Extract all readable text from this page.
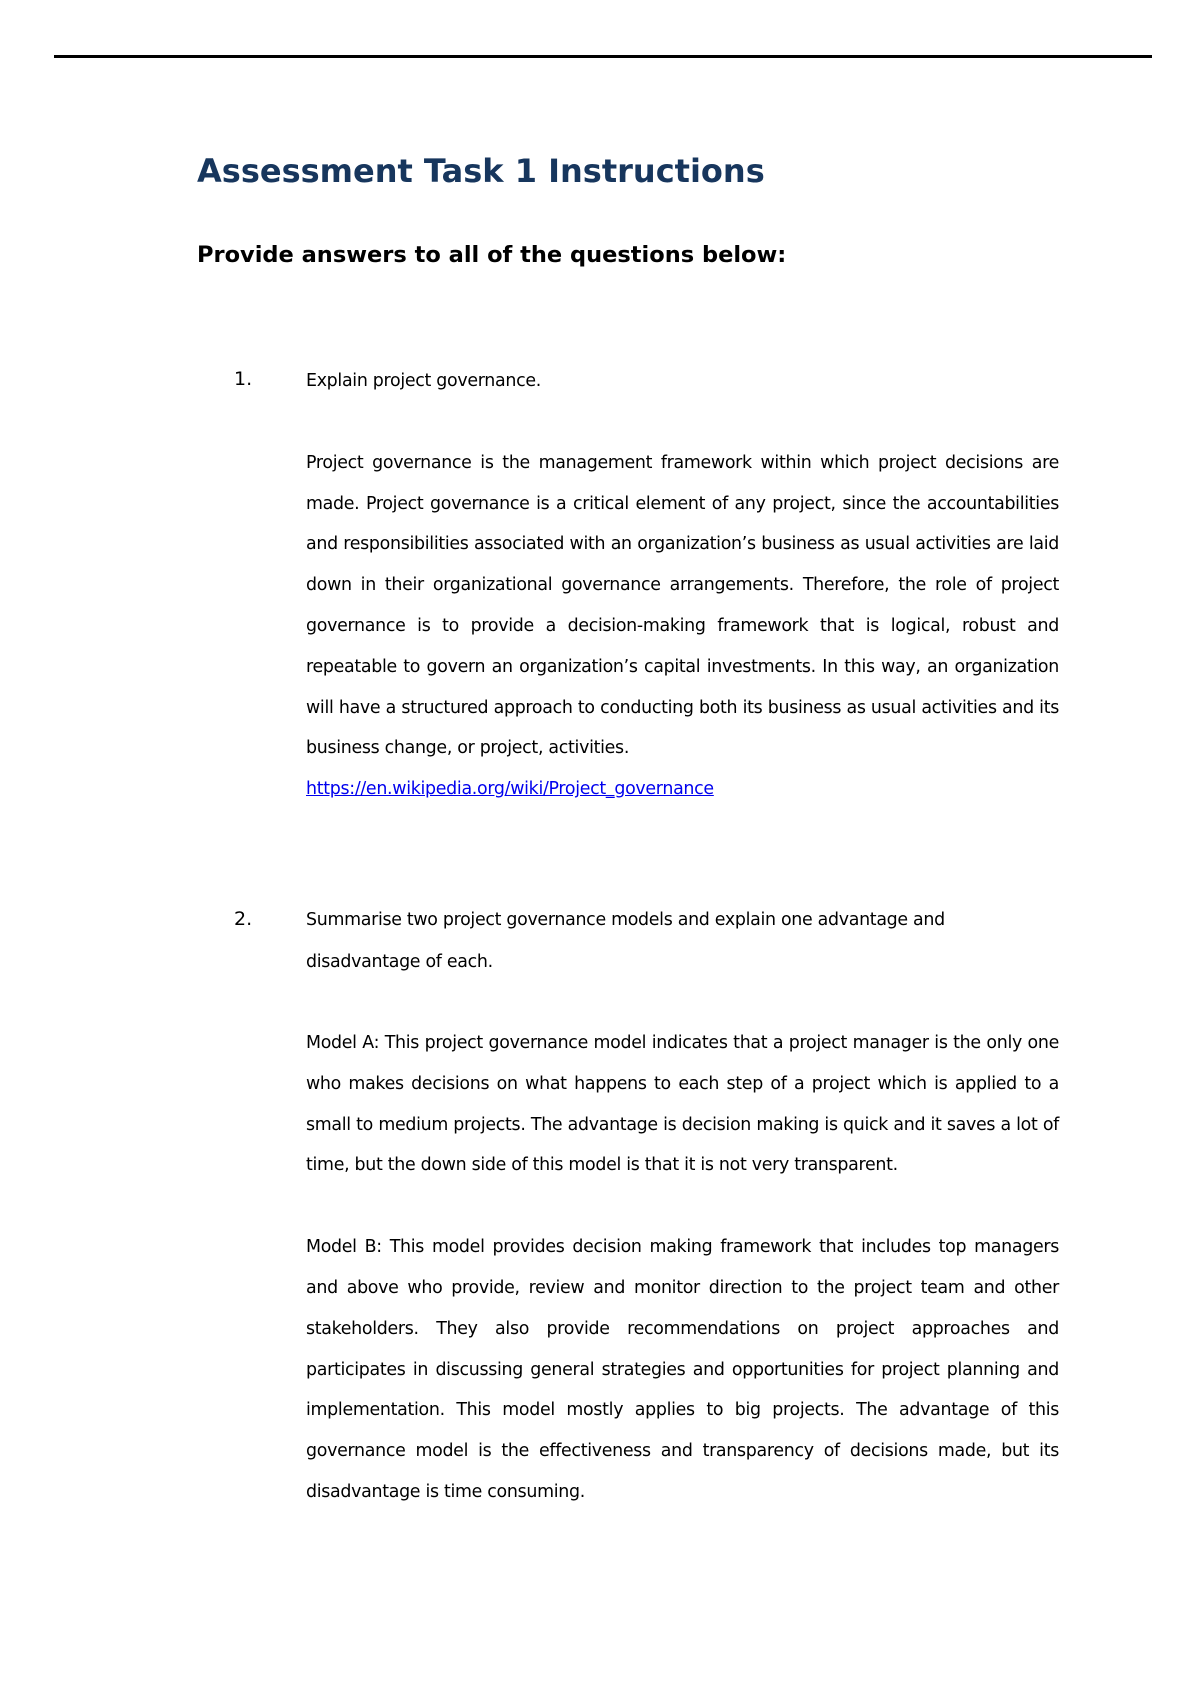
Assessment Task 1 Instructions
Provide answers to all of the questions below:
1.	Explain project governance.

Project governance is the management framework within which project decisions are made. Project governance is a critical element of any project, since the accountabilities and responsibilities associated with an organization’s business as usual activities are laid down in their organizational governance arrangements. Therefore, the role of project governance is to provide a decision-making framework that is logical, robust and repeatable to govern an organization’s capital investments. In this way, an organization will have a structured approach to conducting both its business as usual activities and its business change, or project, activities.

https://en.wikipedia.org/wiki/Project_governance

2.	Summarise two project governance models and explain one advantage and

disadvantage of each.

Model A: This project governance model indicates that a project manager is the only one who makes decisions on what happens to each step of a project which is applied to a small to medium projects. The advantage is decision making is quick and it saves a lot of time, but the down side of this model is that it is not very transparent.

Model B: This model provides decision making framework that includes top managers and above who provide, review and monitor direction to the project team and other stakeholders. They also provide recommendations on project approaches and participates in discussing general strategies and opportunities for project planning and implementation. This model mostly applies to big projects. The advantage of this governance model is the effectiveness and transparency of decisions made, but its disadvantage is time consuming.
